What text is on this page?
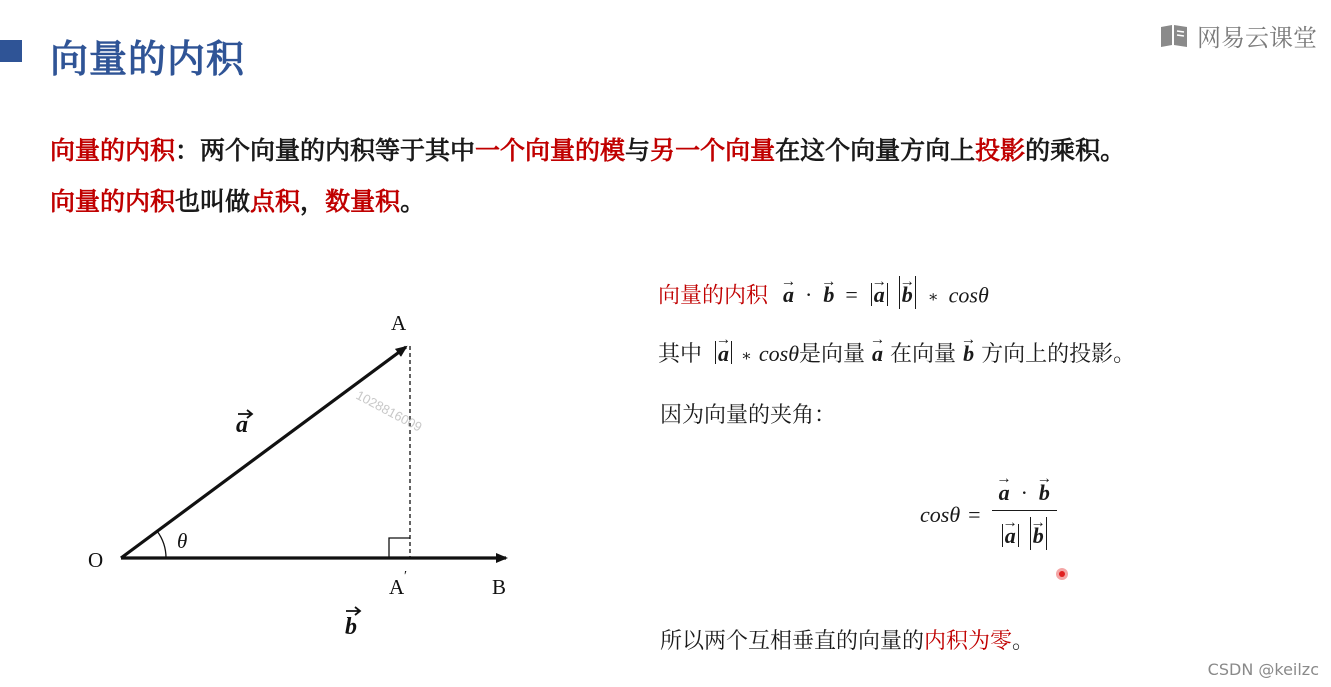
向量的内积	网易云课堂
向量的内积：两个向量的内积等于其中一个向量的模与另一个向量在这个向量方向上投影的乘积。
向量的内积也叫做点积，数量积。
O
A
B
A ′
θ
a
b
1028816009
向量的内积 → a · → b = → a → b ∗ cosθ
其中 → a ∗ cosθ是向量 → a 在向量 → b 方向上的投影。
因为向量的夹角：
cosθ = → a · → b
→ a → b
所以两个互相垂直的向量的内积为零。
CSDN @keilzc
